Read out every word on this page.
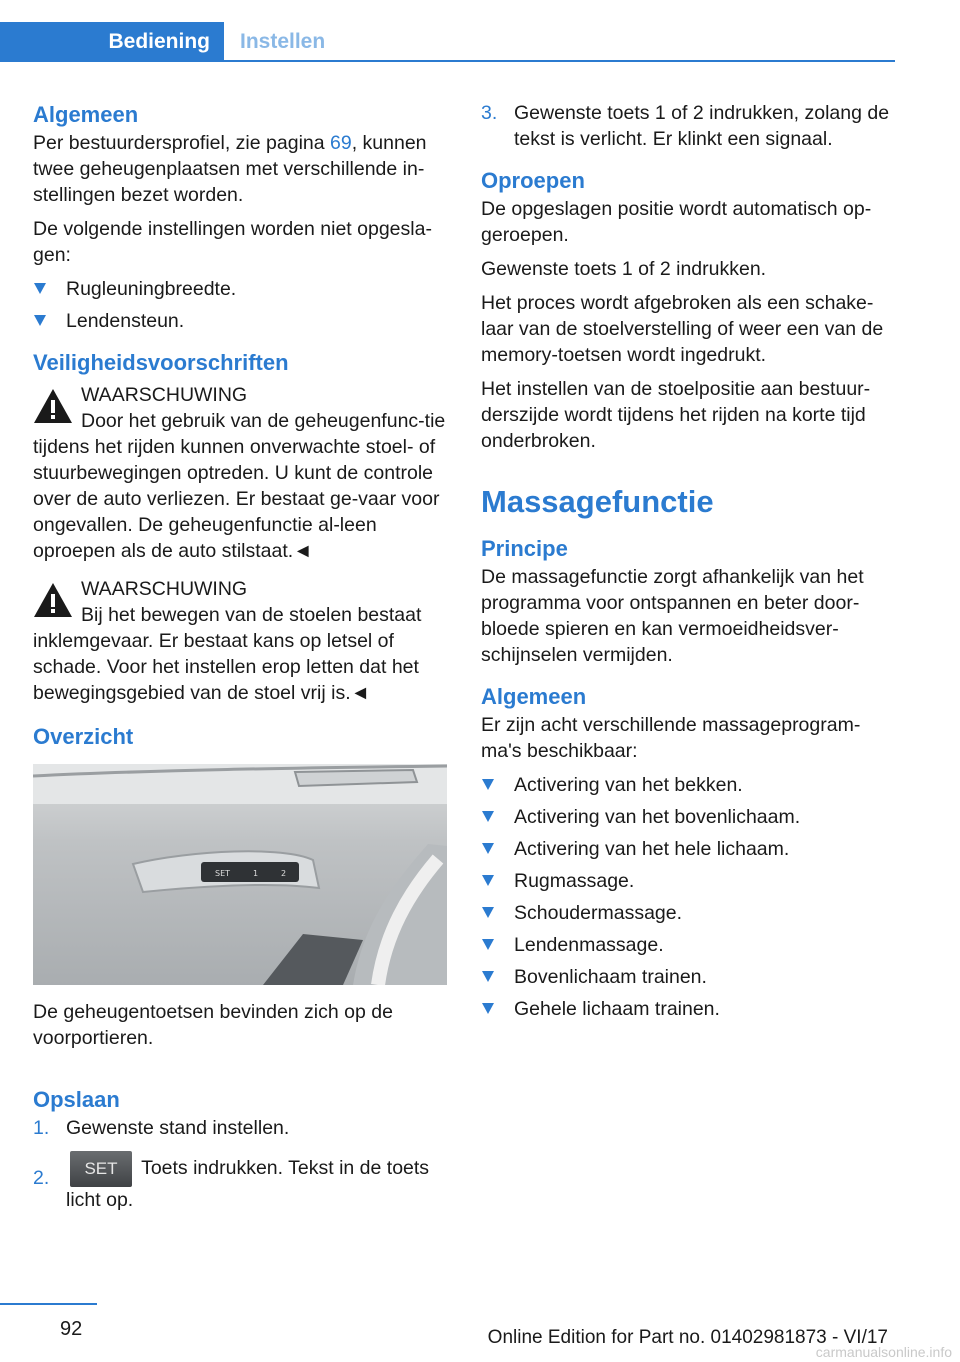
Bediening	Instellen
Algemeen

Per bestuurdersprofiel, zie pagina 69, kunnen twee geheugenplaatsen met verschillende in-stellingen bezet worden.

De volgende instellingen worden niet opgesla-gen:

Rugleuningbreedte.
Lendensteun.
Veiligheidsvoorschriften
WAARSCHUWING
Door het gebruik van de geheugenfunc-tie tijdens het rijden kunnen onverwachte stoel- of stuurbewegingen optreden. U kunt de controle over de auto verliezen. Er bestaat ge-vaar voor ongevallen. De geheugenfunctie al-leen oproepen als de auto stilstaat.◄
WAARSCHUWING
Bij het bewegen van de stoelen bestaat inklemgevaar. Er bestaat kans op letsel of schade. Voor het instellen erop letten dat het bewegingsgebied van de stoel vrij is.◄
Overzicht
SET	1	2

De geheugentoetsen bevinden zich op de voorportieren.

Opslaan
1. Gewenste stand instellen.
2. SET Toets indrukken. Tekst in de toets licht op.
3. Gewenste toets 1 of 2 indrukken, zolang de tekst is verlicht. Er klinkt een signaal.
Oproepen

De opgeslagen positie wordt automatisch op-geroepen.

Gewenste toets 1 of 2 indrukken.

Het proces wordt afgebroken als een schake-laar van de stoelverstelling of weer een van de memory-toetsen wordt ingedrukt.

Het instellen van de stoelpositie aan bestuur-derszijde wordt tijdens het rijden na korte tijd onderbroken.

Massagefunctie
Principe

De massagefunctie zorgt afhankelijk van het programma voor ontspannen en beter door-bloede spieren en kan vermoeidheidsver-schijnselen vermijden.

Algemeen

Er zijn acht verschillende massageprogram-ma's beschikbaar:

Activering van het bekken.
Activering van het bovenlichaam.
Activering van het hele lichaam.
Rugmassage.
Schoudermassage.
Lendenmassage.
Bovenlichaam trainen.
Gehele lichaam trainen.
92	Online Edition for Part no. 01402981873 - VI/17
carmanualsonline.info
